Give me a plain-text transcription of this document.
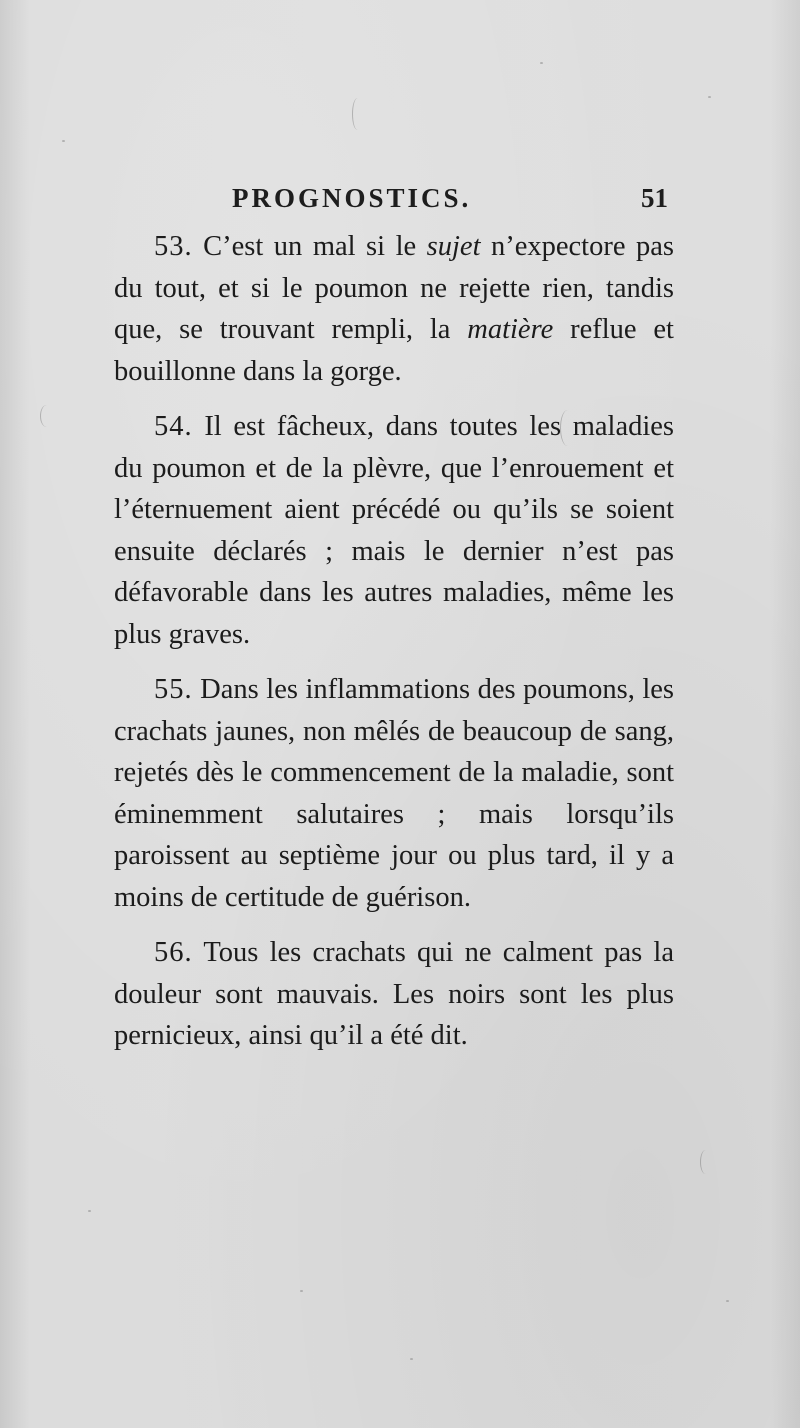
PROGNOSTICS.	51

53. C’est un mal si le sujet n’expectore pas du tout, et si le poumon ne rejette rien, tandis que, se trouvant rempli, la matière reflue et bouillonne dans la gorge.

54. Il est fâcheux, dans toutes les maladies du poumon et de la plèvre, que l’enrouement et l’éternuement aient précédé ou qu’ils se soient ensuite déclarés ; mais le dernier n’est pas défavorable dans les autres maladies, même les plus graves.

55. Dans les inflammations des poumons, les crachats jaunes, non mêlés de beaucoup de sang, rejetés dès le commencement de la maladie, sont éminemment salutaires ; mais lorsqu’ils paroissent au septième jour ou plus tard, il y a moins de certitude de guérison.

56. Tous les crachats qui ne calment pas la douleur sont mauvais. Les noirs sont les plus pernicieux, ainsi qu’il a été dit.
